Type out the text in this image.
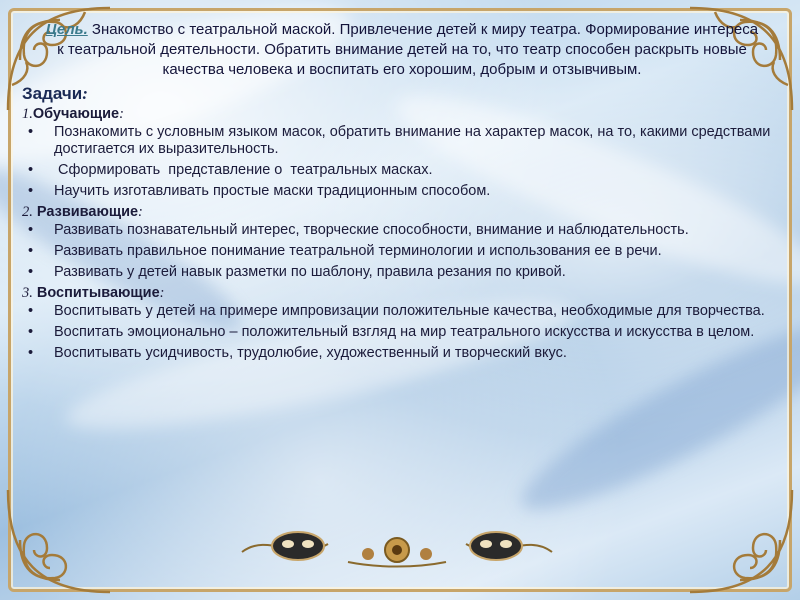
Цель. Знакомство с театральной маской. Привлечение детей к миру театра. Формирование интереса к театральной деятельности. Обратить внимание детей на то, что театр способен раскрыть новые качества человека и воспитать его хорошим, добрым и отзывчивым.

Задачи:
1.Обучающие:
• Познакомить с условным языком масок, обратить внимание на характер масок, на то, какими средствами достигается их выразительность.
• Сформировать  представление о  театральных масках.
• Научить изготавливать простые маски традиционным способом.
2. Развивающие:
• Развивать познавательный интерес, творческие способности, внимание и наблюдательность.
• Развивать правильное понимание театральной терминологии и использования ее в речи.
• Развивать у детей навык разметки по шаблону, правила резания по кривой.
3. Воспитывающие:
• Воспитывать у детей на примере импровизации положительные качества, необходимые для творчества.
• Воспитать эмоционально – положительный взгляд на мир театрального искусства и искусства в целом.
• Воспитывать усидчивость, трудолюбие, художественный и творческий вкус.
